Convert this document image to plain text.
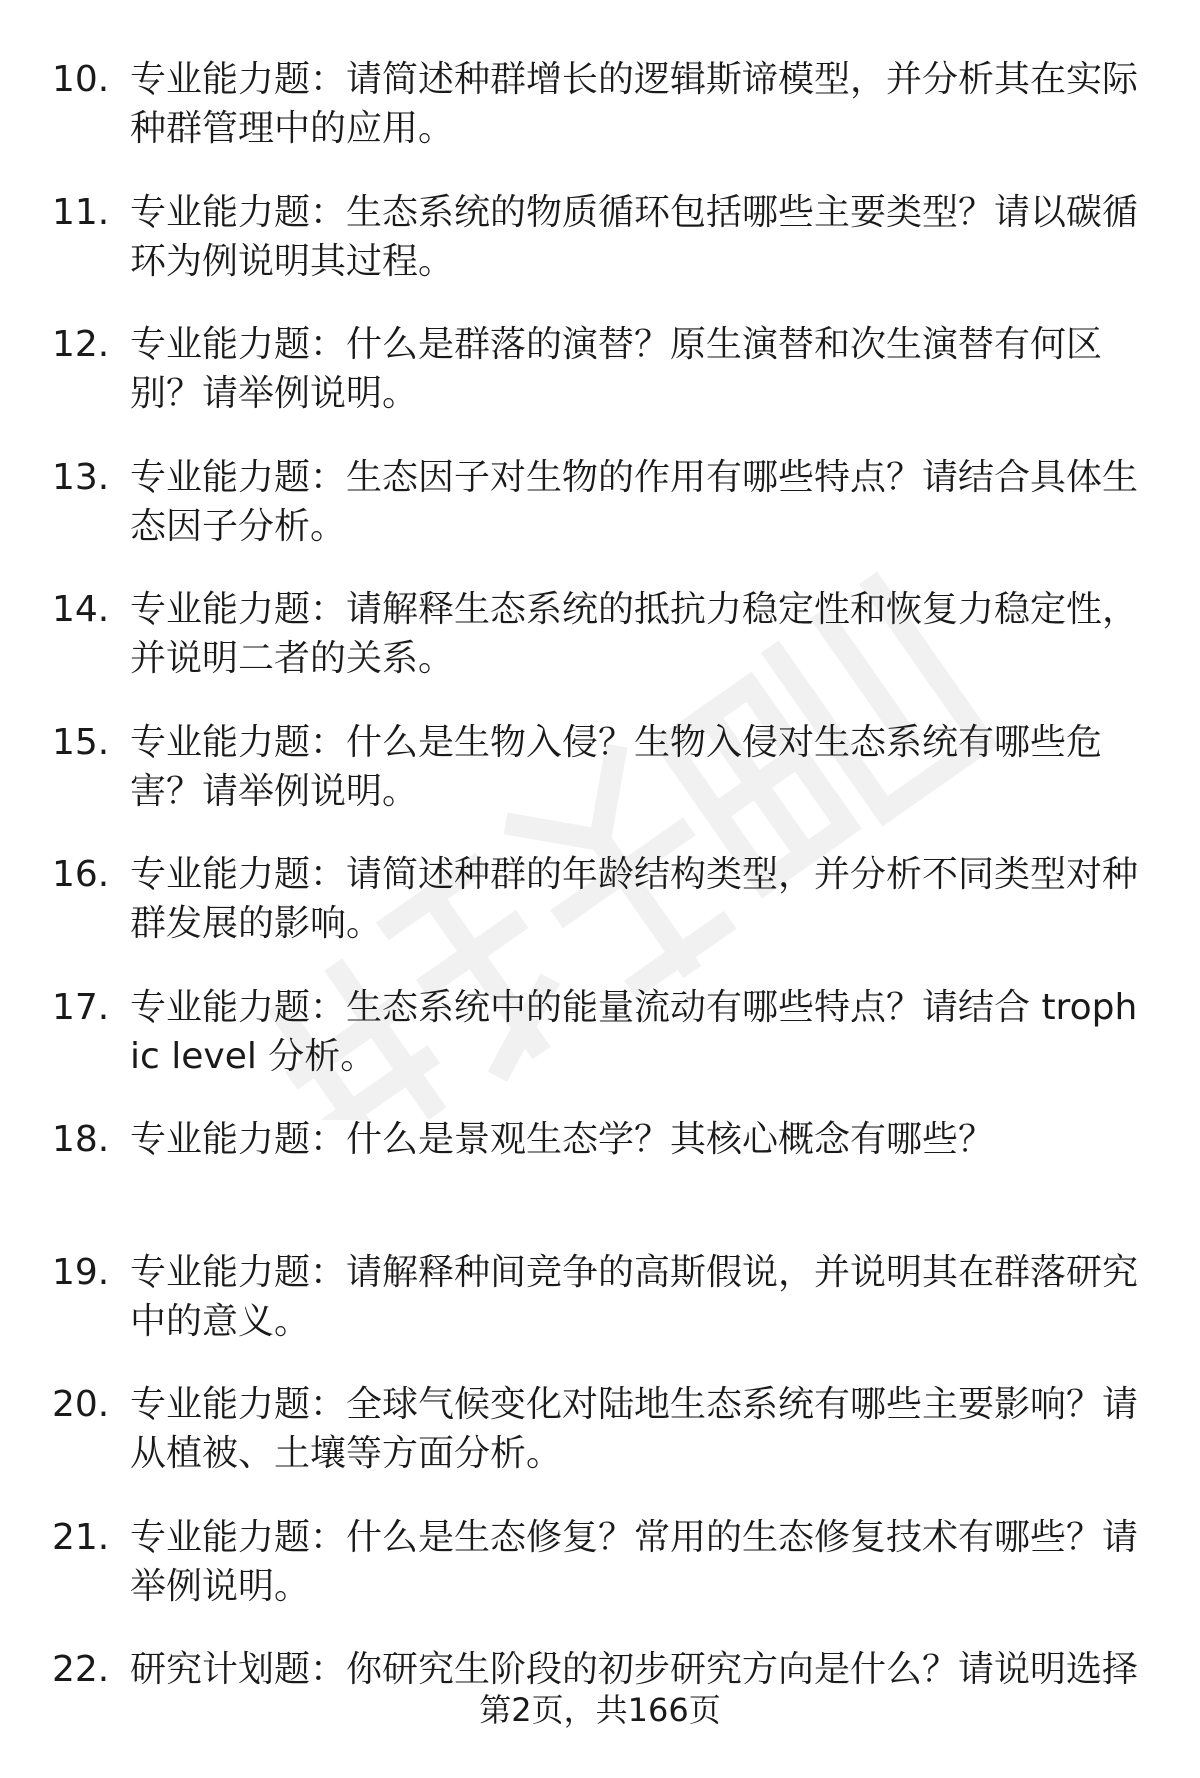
10. 专业能力题：请简述种群增长的逻辑斯谛模型，并分析其在实际种群管理中的应用。
11. 专业能力题：生态系统的物质循环包括哪些主要类型？请以碳循环为例说明其过程。
12. 专业能力题：什么是群落的演替？原生演替和次生演替有何区别？请举例说明。
13. 专业能力题：生态因子对生物的作用有哪些特点？请结合具体生态因子分析。
14. 专业能力题：请解释生态系统的抵抗力稳定性和恢复力稳定性，并说明二者的关系。
15. 专业能力题：什么是生物入侵？生物入侵对生态系统有哪些危害？请举例说明。
16. 专业能力题：请简述种群的年龄结构类型，并分析不同类型对种群发展的影响。
17. 专业能力题：生态系统中的能量流动有哪些特点？请结合 trophic level 分析。
18. 专业能力题：什么是景观生态学？其核心概念有哪些？
19. 专业能力题：请解释种间竞争的高斯假说，并说明其在群落研究中的意义。
20. 专业能力题：全球气候变化对陆地生态系统有哪些主要影响？请从植被、土壤等方面分析。
21. 专业能力题：什么是生态修复？常用的生态修复技术有哪些？请举例说明。
22. 研究计划题：你研究生阶段的初步研究方向是什么？请说明选择
第2页，共166页
